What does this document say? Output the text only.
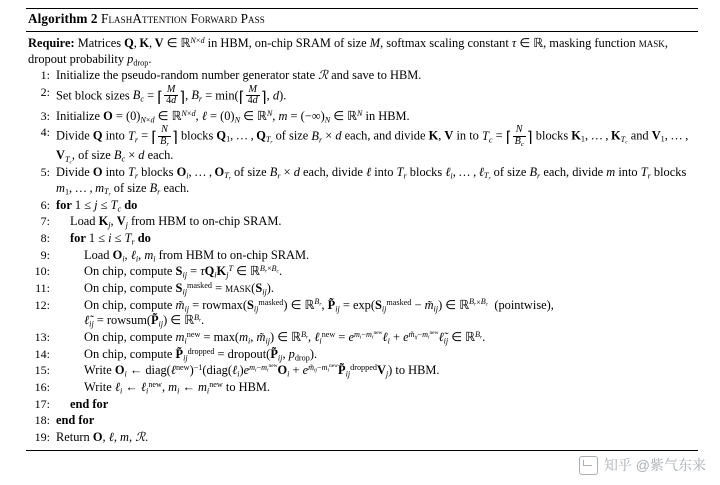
Algorithm 2 FlashAttention Forward Pass
Require: Matrices Q, K, V ∈ ℝ$^{N\times d}$ in HBM, on-chip SRAM of size M, softmax scaling constant τ ∈ ℝ, masking function mask, dropout probability $p_{drop}$.
1: Initialize the pseudo-random number generator state ℛ and save to HBM.
2: Set block sizes $B_c$ = ⌈ $\frac{M}{4d}$ ⌉, $B_r$ = min(⌈ $\frac{M}{4d}$ ⌉, d).
3: Initialize $O = (0)_{N\times d}$ ∈ ℝ$^{N\times d}$, ℓ = $(0)_N$ ∈ ℝ$^N$, $m = (-\infty)_N$ ∈ ℝ$^N$ in HBM.
4: Divide Q into $T_r$ = ⌈ $\frac{N}{B_r}$ ⌉ blocks $Q_1$, … , $Q_{T_r}$ of size $B_r \times d$ each, and divide K, V in to $T_c$ = ⌈ $\frac{N}{B_c}$ ⌉ blocks $K_1$, … , $K_{T_c}$ and $V_1$, … , $V_{T_c}$, of size $B_c \times d$ each.
5: Divide O into $T_r$ blocks $O_i$, … , $O_{T_r}$ of size $B_r \times d$ each, divide ℓ into $T_r$ blocks ℓ$_i$, … , ℓ$_{T_r}$ of size $B_r$ each, divide m into $T_r$ blocks $m_1$, … , $m_{T_r}$ of size $B_r$ each.
6: for $1 \le j \le T_c$ do
7:	Load $K_j$, $V_j$ from HBM to on-chip SRAM.
8:	for $1 \le i \le T_r$ do
9:	Load $O_i$, ℓ$_i$, $m_i$ from HBM to on-chip SRAM.
10:	On chip, compute $S_{ij} = \tau Q_iK_j^T$ ∈ ℝ$^{B_r\times B_c}$.
11:	On chip, compute $S_{ij}^{masked}$ = $mask(S_{ij})$.
12:	On chip, compute $m̃_{ij} = rowmax(S_{ij}^{masked})$ ∈ ℝ$^{B_r}$, $P̃_{ij} = \exp(S_{ij}^{masked}$ − $m̃_{ij}$) ∈ ℝ$^{B_r\times B_c}$  (pointwise),
$\ell̃_{ij}$ = $rowsum(P̃_{ij})$ ∈ ℝ$^{B_r}$.
13:	On chip, compute $m_i^{new} = \max(m_i$, $m̃_{ij}$) ∈ ℝ$^{B_r}$, ℓ$_i^{new}$ = $e^{m_i-m_i^{new}}\ell_i$ + $e^{m̃_{ij}-m_i^{new}}\ell̃_{ij}$ ∈ ℝ$^{B_r}$.
14:	On chip, compute $P̃_{ij}^{dropped}$ = $dropout(P̃_{ij}$, $p_{drop}$).
15:	Write $O_i$ ← $diag(\ell^{new})^{-1}(diag(\ell_i)e^{m_i-m_i^{new}}O_i$ + $e^{m̃_{ij}-m_i^{new}}P̃_{ij}^{dropped}V_j$) to HBM.
16:	Write ℓ$_i$ ← ℓ$_i^{new}$, $m_i$ ← $m_i^{new}$ to HBM.
17:	end for
18: end for
19: Return O, ℓ, m, ℛ.
知乎 @紫气东来
